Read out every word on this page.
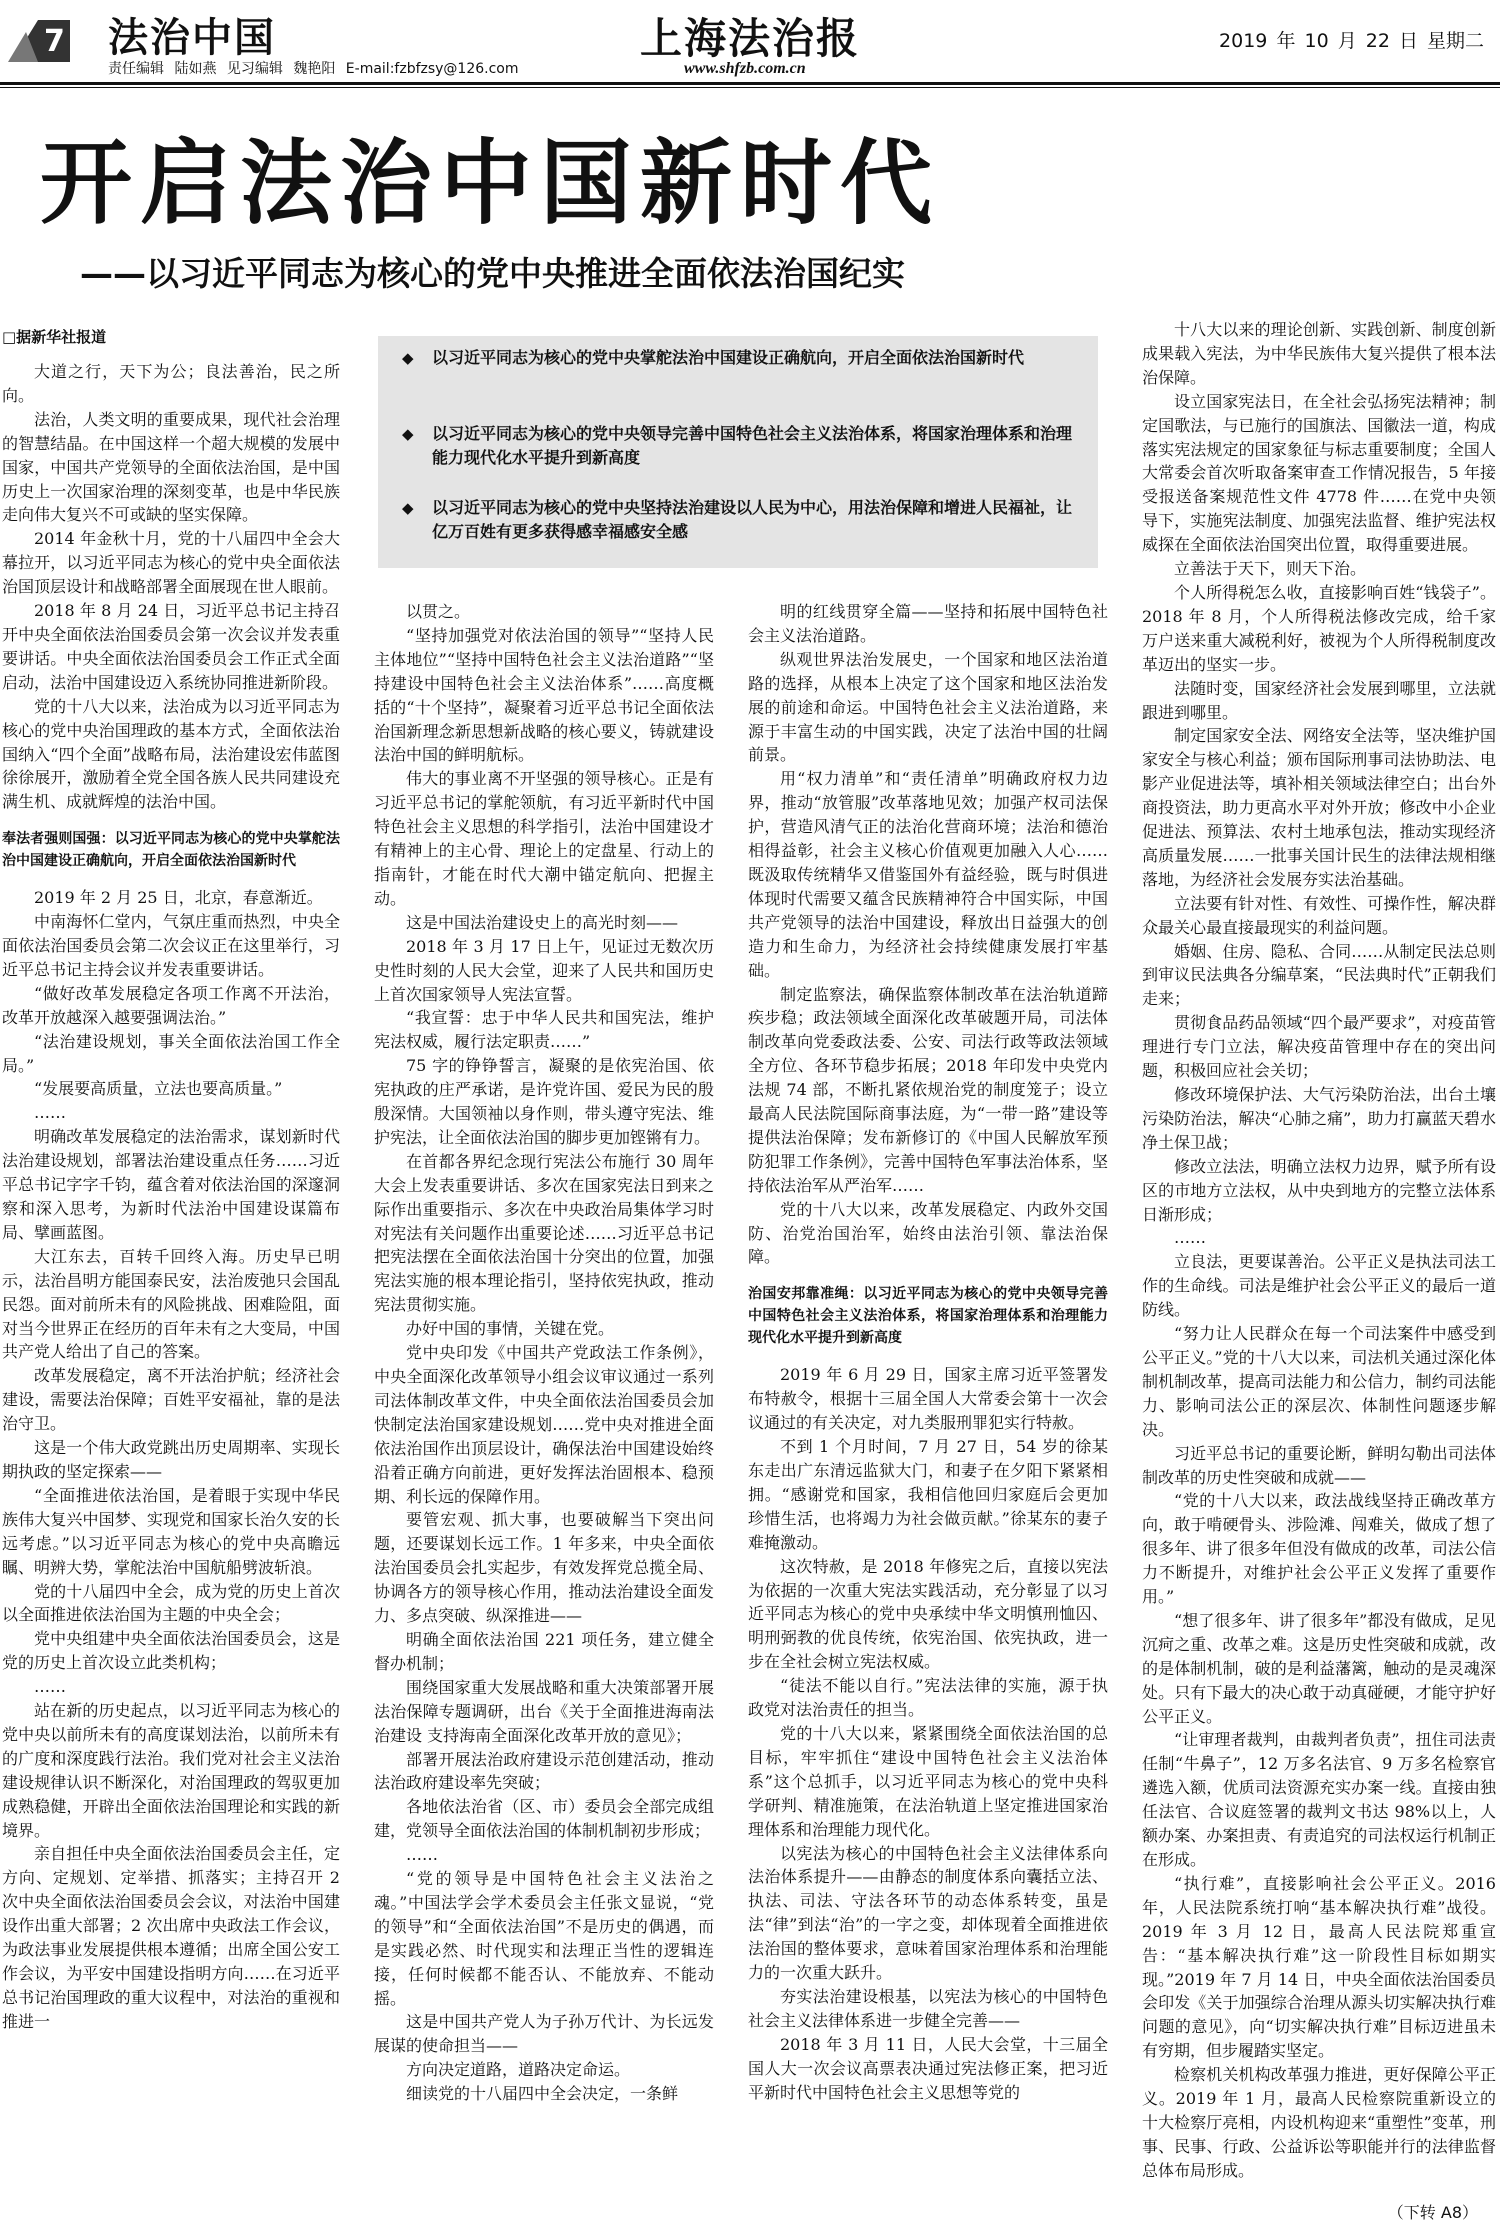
7 法治中国
责任编辑 陆如燕 见习编辑 魏艳阳 E-mail:fzbfzsy@126.com
上海法治报
www.shfzb.com.cn
2019 年 10 月 22 日 星期二
开启法治中国新时代
——以习近平同志为核心的党中央推进全面依法治国纪实
□据新华社报道
◆ 以习近平同志为核心的党中央掌舵法治中国建设正确航向，开启全面依法治国新时代
◆ 以习近平同志为核心的党中央领导完善中国特色社会主义法治体系，将国家治理体系和治理能力现代化水平提升到新高度
◆ 以习近平同志为核心的党中央坚持法治建设以人民为中心，用法治保障和增进人民福祉，让亿万百姓有更多获得感幸福感安全感

大道之行，天下为公；良法善治，民之所向。

法治，人类文明的重要成果，现代社会治理的智慧结晶。在中国这样一个超大规模的发展中国家，中国共产党领导的全面依法治国，是中国历史上一次国家治理的深刻变革，也是中华民族走向伟大复兴不可或缺的坚实保障。

2014 年金秋十月，党的十八届四中全会大幕拉开，以习近平同志为核心的党中央全面依法治国顶层设计和战略部署全面展现在世人眼前。

2018 年 8 月 24 日，习近平总书记主持召开中央全面依法治国委员会第一次会议并发表重要讲话。中央全面依法治国委员会工作正式全面启动，法治中国建设迈入系统协同推进新阶段。

党的十八大以来，法治成为以习近平同志为核心的党中央治国理政的基本方式，全面依法治国纳入“四个全面”战略布局，法治建设宏伟蓝图徐徐展开，激励着全党全国各族人民共同建设充满生机、成就辉煌的法治中国。

奉法者强则国强：以习近平同志为核心的党中央掌舵法治中国建设正确航向，开启全面依法治国新时代

2019 年 2 月 25 日，北京，春意渐近。

中南海怀仁堂内，气氛庄重而热烈，中央全面依法治国委员会第二次会议正在这里举行，习近平总书记主持会议并发表重要讲话。

“做好改革发展稳定各项工作离不开法治，改革开放越深入越要强调法治。”

“法治建设规划，事关全面依法治国工作全局。”

“发展要高质量，立法也要高质量。”

……

明确改革发展稳定的法治需求，谋划新时代法治建设规划，部署法治建设重点任务……习近平总书记字字千钧，蕴含着对依法治国的深邃洞察和深入思考，为新时代法治中国建设谋篇布局、擘画蓝图。

大江东去，百转千回终入海。历史早已明示，法治昌明方能国泰民安，法治废弛只会国乱民怨。面对前所未有的风险挑战、困难险阻，面对当今世界正在经历的百年未有之大变局，中国共产党人给出了自己的答案。

改革发展稳定，离不开法治护航；经济社会建设，需要法治保障；百姓平安福祉，靠的是法治守卫。

这是一个伟大政党跳出历史周期率、实现长期执政的坚定探索——

“全面推进依法治国，是着眼于实现中华民族伟大复兴中国梦、实现党和国家长治久安的长远考虑。”以习近平同志为核心的党中央高瞻远瞩、明辨大势，掌舵法治中国航船劈波斩浪。

党的十八届四中全会，成为党的历史上首次以全面推进依法治国为主题的中央全会；

党中央组建中央全面依法治国委员会，这是党的历史上首次设立此类机构；

……

站在新的历史起点，以习近平同志为核心的党中央以前所未有的高度谋划法治，以前所未有的广度和深度践行法治。我们党对社会主义法治建设规律认识不断深化，对治国理政的驾驭更加成熟稳健，开辟出全面依法治国理论和实践的新境界。

亲自担任中央全面依法治国委员会主任，定方向、定规划、定举措、抓落实；主持召开 2 次中央全面依法治国委员会会议，对法治中国建设作出重大部署；2 次出席中央政法工作会议，为政法事业发展提供根本遵循；出席全国公安工作会议，为平安中国建设指明方向……在习近平总书记治国理政的重大议程中，对法治的重视和推进一

以贯之。

“坚持加强党对依法治国的领导”“坚持人民主体地位”“坚持中国特色社会主义法治道路”“坚持建设中国特色社会主义法治体系”……高度概括的“十个坚持”，凝聚着习近平总书记全面依法治国新理念新思想新战略的核心要义，铸就建设法治中国的鲜明航标。

伟大的事业离不开坚强的领导核心。正是有习近平总书记的掌舵领航，有习近平新时代中国特色社会主义思想的科学指引，法治中国建设才有精神上的主心骨、理论上的定盘星、行动上的指南针，才能在时代大潮中锚定航向、把握主动。

这是中国法治建设史上的高光时刻——

2018 年 3 月 17 日上午，见证过无数次历史性时刻的人民大会堂，迎来了人民共和国历史上首次国家领导人宪法宣誓。

“我宣誓：忠于中华人民共和国宪法，维护宪法权威，履行法定职责……”

75 字的铮铮誓言，凝聚的是依宪治国、依宪执政的庄严承诺，是许党许国、爱民为民的殷殷深情。大国领袖以身作则，带头遵守宪法、维护宪法，让全面依法治国的脚步更加铿锵有力。

在首都各界纪念现行宪法公布施行 30 周年大会上发表重要讲话、多次在国家宪法日到来之际作出重要指示、多次在中央政治局集体学习时对宪法有关问题作出重要论述……习近平总书记把宪法摆在全面依法治国十分突出的位置，加强宪法实施的根本理论指引，坚持依宪执政，推动宪法贯彻实施。

办好中国的事情，关键在党。

党中央印发《中国共产党政法工作条例》，中央全面深化改革领导小组会议审议通过一系列司法体制改革文件，中央全面依法治国委员会加快制定法治国家建设规划……党中央对推进全面依法治国作出顶层设计，确保法治中国建设始终沿着正确方向前进，更好发挥法治固根本、稳预期、利长远的保障作用。

要管宏观、抓大事，也要破解当下突出问题，还要谋划长远工作。1 年多来，中央全面依法治国委员会扎实起步，有效发挥党总揽全局、协调各方的领导核心作用，推动法治建设全面发力、多点突破、纵深推进——

明确全面依法治国 221 项任务，建立健全督办机制；

围绕国家重大发展战略和重大决策部署开展法治保障专题调研，出台《关于全面推进海南法治建设 支持海南全面深化改革开放的意见》；

部署开展法治政府建设示范创建活动，推动法治政府建设率先突破；

各地依法治省（区、市）委员会全部完成组建，党领导全面依法治国的体制机制初步形成；

……

“党的领导是中国特色社会主义法治之魂。”中国法学会学术委员会主任张文显说，“党的领导”和“全面依法治国”不是历史的偶遇，而是实践必然、时代现实和法理正当性的逻辑连接，任何时候都不能否认、不能放弃、不能动摇。

这是中国共产党人为子孙万代计、为长远发展谋的使命担当——

方向决定道路，道路决定命运。

细读党的十八届四中全会决定，一条鲜

明的红线贯穿全篇——坚持和拓展中国特色社会主义法治道路。

纵观世界法治发展史，一个国家和地区法治道路的选择，从根本上决定了这个国家和地区法治发展的前途和命运。中国特色社会主义法治道路，来源于丰富生动的中国实践，决定了法治中国的壮阔前景。

用“权力清单”和“责任清单”明确政府权力边界，推动“放管服”改革落地见效；加强产权司法保护，营造风清气正的法治化营商环境；法治和德治相得益彰，社会主义核心价值观更加融入人心……既汲取传统精华又借鉴国外有益经验，既与时俱进体现时代需要又蕴含民族精神符合中国实际，中国共产党领导的法治中国建设，释放出日益强大的创造力和生命力，为经济社会持续健康发展打牢基础。

制定监察法，确保监察体制改革在法治轨道蹄疾步稳；政法领域全面深化改革破题开局，司法体制改革向党委政法委、公安、司法行政等政法领域全方位、各环节稳步拓展；2018 年印发中央党内法规 74 部，不断扎紧依规治党的制度笼子；设立最高人民法院国际商事法庭，为“一带一路”建设等提供法治保障；发布新修订的《中国人民解放军预防犯罪工作条例》，完善中国特色军事法治体系，坚持依法治军从严治军……

党的十八大以来，改革发展稳定、内政外交国防、治党治国治军，始终由法治引领、靠法治保障。

治国安邦靠准绳：以习近平同志为核心的党中央领导完善中国特色社会主义法治体系，将国家治理体系和治理能力现代化水平提升到新高度

2019 年 6 月 29 日，国家主席习近平签署发布特赦令，根据十三届全国人大常委会第十一次会议通过的有关决定，对九类服刑罪犯实行特赦。

不到 1 个月时间，7 月 27 日，54 岁的徐某东走出广东清远监狱大门，和妻子在夕阳下紧紧相拥。“感谢党和国家，我相信他回归家庭后会更加珍惜生活，也将竭力为社会做贡献。”徐某东的妻子难掩激动。

这次特赦，是 2018 年修宪之后，直接以宪法为依据的一次重大宪法实践活动，充分彰显了以习近平同志为核心的党中央承续中华文明慎刑恤囚、明刑弼教的优良传统，依宪治国、依宪执政，进一步在全社会树立宪法权威。

“徒法不能以自行。”宪法法律的实施，源于执政党对法治责任的担当。

党的十八大以来，紧紧围绕全面依法治国的总目标，牢牢抓住“建设中国特色社会主义法治体系”这个总抓手，以习近平同志为核心的党中央科学研判、精准施策，在法治轨道上坚定推进国家治理体系和治理能力现代化。

以宪法为核心的中国特色社会主义法律体系向法治体系提升——由静态的制度体系向囊括立法、执法、司法、守法各环节的动态体系转变，虽是法“律”到法“治”的一字之变，却体现着全面推进依法治国的整体要求，意味着国家治理体系和治理能力的一次重大跃升。

夯实法治建设根基，以宪法为核心的中国特色社会主义法律体系进一步健全完善——

2018 年 3 月 11 日，人民大会堂，十三届全国人大一次会议高票表决通过宪法修正案，把习近平新时代中国特色社会主义思想等党的

十八大以来的理论创新、实践创新、制度创新成果载入宪法，为中华民族伟大复兴提供了根本法治保障。

设立国家宪法日，在全社会弘扬宪法精神；制定国歌法，与已施行的国旗法、国徽法一道，构成落实宪法规定的国家象征与标志重要制度；全国人大常委会首次听取备案审查工作情况报告，5 年接受报送备案规范性文件 4778 件……在党中央领导下，实施宪法制度、加强宪法监督、维护宪法权威探在全面依法治国突出位置，取得重要进展。

立善法于天下，则天下治。

个人所得税怎么收，直接影响百姓“钱袋子”。2018 年 8 月，个人所得税法修改完成，给千家万户送来重大减税利好，被视为个人所得税制度改革迈出的坚实一步。

法随时变，国家经济社会发展到哪里，立法就跟进到哪里。

制定国家安全法、网络安全法等，坚决维护国家安全与核心利益；颁布国际刑事司法协助法、电影产业促进法等，填补相关领域法律空白；出台外商投资法，助力更高水平对外开放；修改中小企业促进法、预算法、农村土地承包法，推动实现经济高质量发展……一批事关国计民生的法律法规相继落地，为经济社会发展夯实法治基础。

立法要有针对性、有效性、可操作性，解决群众最关心最直接最现实的利益问题。

婚姻、住房、隐私、合同……从制定民法总则到审议民法典各分编草案，“民法典时代”正朝我们走来；

贯彻食品药品领域“四个最严要求”，对疫苗管理进行专门立法，解决疫苗管理中存在的突出问题，积极回应社会关切；

修改环境保护法、大气污染防治法，出台土壤污染防治法，解决“心肺之痛”，助力打赢蓝天碧水净土保卫战；

修改立法法，明确立法权力边界，赋予所有设区的市地方立法权，从中央到地方的完整立法体系日渐形成；

……

立良法，更要谋善治。公平正义是执法司法工作的生命线。司法是维护社会公平正义的最后一道防线。

“努力让人民群众在每一个司法案件中感受到公平正义。”党的十八大以来，司法机关通过深化体制机制改革，提高司法能力和公信力，制约司法能力、影响司法公正的深层次、体制性问题逐步解决。

习近平总书记的重要论断，鲜明勾勒出司法体制改革的历史性突破和成就——

“党的十八大以来，政法战线坚持正确改革方向，敢于啃硬骨头、涉险滩、闯难关，做成了想了很多年、讲了很多年但没有做成的改革，司法公信力不断提升，对维护社会公平正义发挥了重要作用。”

“想了很多年、讲了很多年”都没有做成，足见沉疴之重、改革之难。这是历史性突破和成就，改的是体制机制，破的是利益藩篱，触动的是灵魂深处。只有下最大的决心敢于动真碰硬，才能守护好公平正义。

“让审理者裁判，由裁判者负责”，扭住司法责任制“牛鼻子”，12 万多名法官、9 万多名检察官遴选入额，优质司法资源充实办案一线。直接由独任法官、合议庭签署的裁判文书达 98%以上，人额办案、办案担责、有责追究的司法权运行机制正在形成。

“执行难”，直接影响社会公平正义。2016 年，人民法院系统打响“基本解决执行难”战役。2019 年 3 月 12 日，最高人民法院郑重宣告：“基本解决执行难”这一阶段性目标如期实现。”2019 年 7 月 14 日，中央全面依法治国委员会印发《关于加强综合治理从源头切实解决执行难问题的意见》，向“切实解决执行难”目标迈进虽未有穷期，但步履踏实坚定。

检察机关机构改革强力推进，更好保障公平正义。2019 年 1 月，最高人民检察院重新设立的十大检察厅亮相，内设机构迎来“重塑性”变革，刑事、民事、行政、公益诉讼等职能并行的法律监督总体布局形成。

（下转 A8）
